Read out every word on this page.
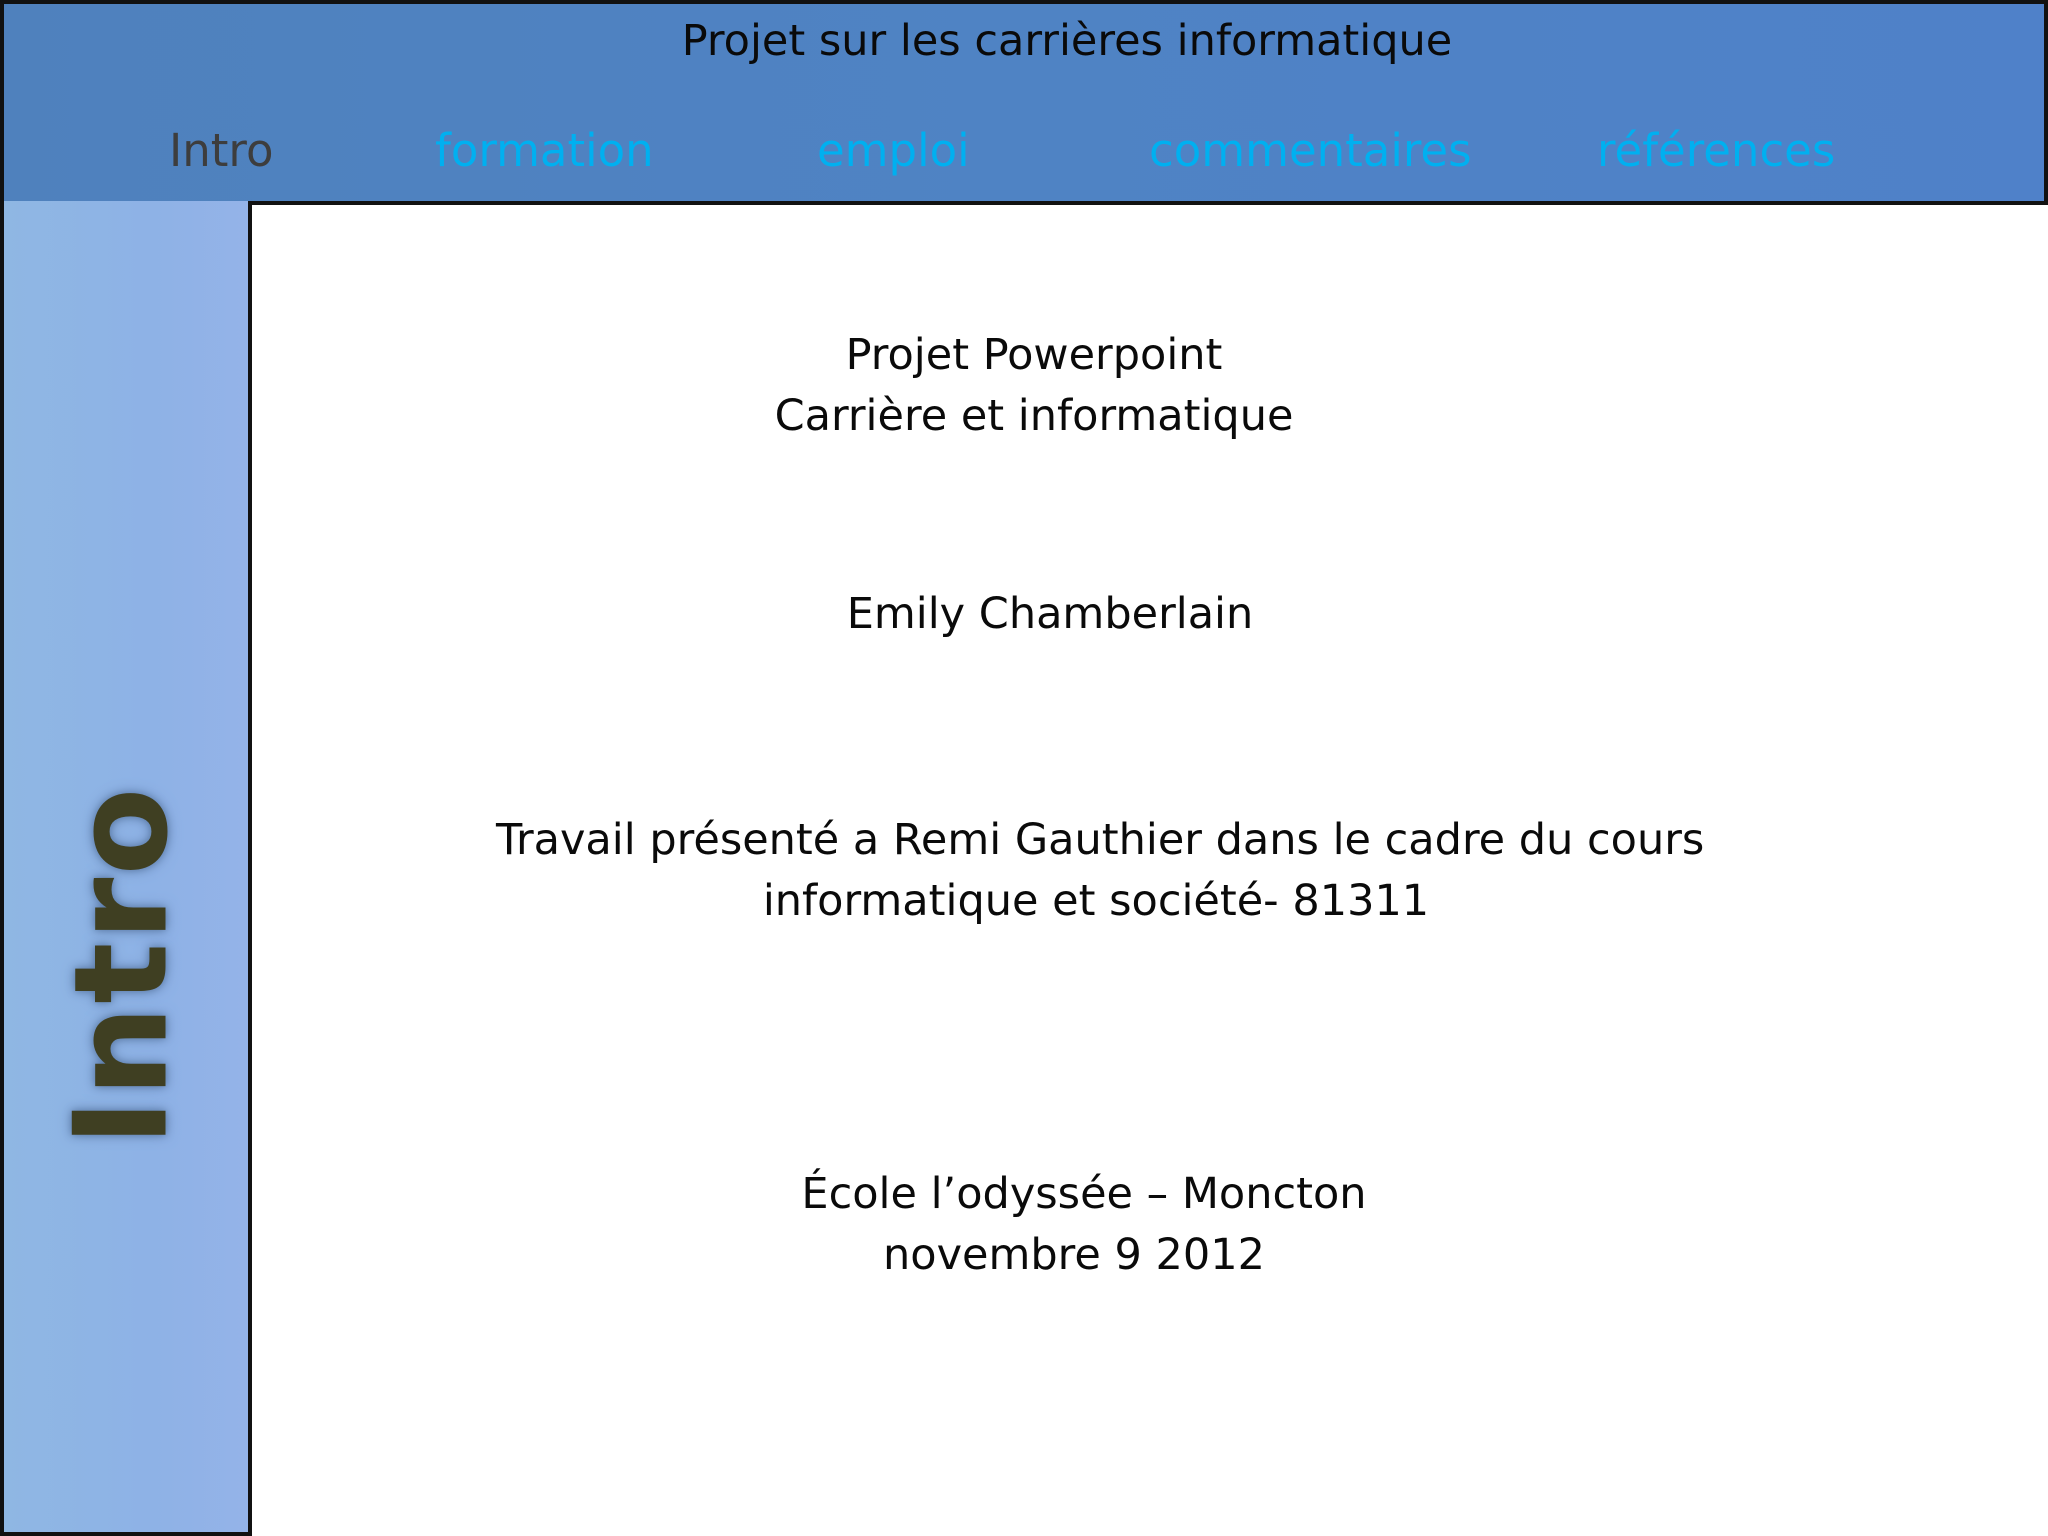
Projet sur les carrières informatique
Intro	formation	emploi	commentaires	références
Intro
Projet Powerpoint
Carrière et informatique
Emily Chamberlain
Travail présenté a Remi Gauthier dans le cadre du cours
informatique et société- 81311
École l’odyssée – Moncton
novembre 9 2012
